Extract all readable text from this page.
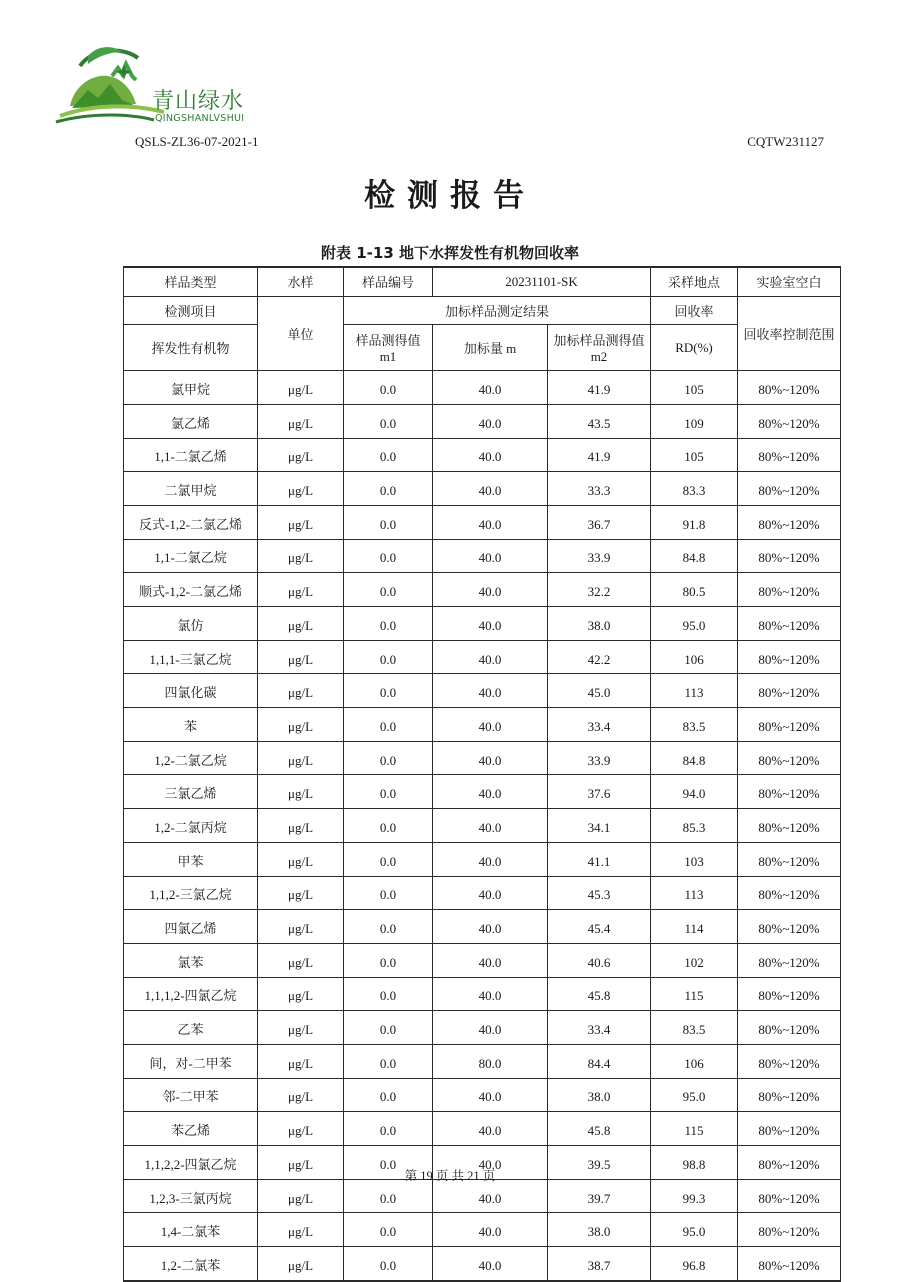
青山绿水
QINGSHANLVSHUI
QSLS-ZL36-07-2021-1	CQTW231127
检测报告
附表 1-13 地下水挥发性有机物回收率
样品类型	水样	样品编号	20231101-SK		采样地点	实验室空白
检测项目	单位	加标样品测定结果			回收率	回收率控制范围
挥发性有机物		样品测得值 m1	加标量 m	加标样品测得值 m2	RD(%)	
氯甲烷	μg/L	0.0	40.0	41.9	105	80%~120%
氯乙烯	μg/L	0.0	40.0	43.5	109	80%~120%
1,1-二氯乙烯	μg/L	0.0	40.0	41.9	105	80%~120%
二氯甲烷	μg/L	0.0	40.0	33.3	83.3	80%~120%
反式-1,2-二氯乙烯	μg/L	0.0	40.0	36.7	91.8	80%~120%
1,1-二氯乙烷	μg/L	0.0	40.0	33.9	84.8	80%~120%
顺式-1,2-二氯乙烯	μg/L	0.0	40.0	32.2	80.5	80%~120%
氯仿	μg/L	0.0	40.0	38.0	95.0	80%~120%
1,1,1-三氯乙烷	μg/L	0.0	40.0	42.2	106	80%~120%
四氯化碳	μg/L	0.0	40.0	45.0	113	80%~120%
苯	μg/L	0.0	40.0	33.4	83.5	80%~120%
1,2-二氯乙烷	μg/L	0.0	40.0	33.9	84.8	80%~120%
三氯乙烯	μg/L	0.0	40.0	37.6	94.0	80%~120%
1,2-二氯丙烷	μg/L	0.0	40.0	34.1	85.3	80%~120%
甲苯	μg/L	0.0	40.0	41.1	103	80%~120%
1,1,2-三氯乙烷	μg/L	0.0	40.0	45.3	113	80%~120%
四氯乙烯	μg/L	0.0	40.0	45.4	114	80%~120%
氯苯	μg/L	0.0	40.0	40.6	102	80%~120%
1,1,1,2-四氯乙烷	μg/L	0.0	40.0	45.8	115	80%~120%
乙苯	μg/L	0.0	40.0	33.4	83.5	80%~120%
间，对-二甲苯	μg/L	0.0	80.0	84.4	106	80%~120%
邻-二甲苯	μg/L	0.0	40.0	38.0	95.0	80%~120%
苯乙烯	μg/L	0.0	40.0	45.8	115	80%~120%
1,1,2,2-四氯乙烷	μg/L	0.0	40.0	39.5	98.8	80%~120%
1,2,3-三氯丙烷	μg/L	0.0	40.0	39.7	99.3	80%~120%
1,4-二氯苯	μg/L	0.0	40.0	38.0	95.0	80%~120%
1,2-二氯苯	μg/L	0.0	40.0	38.7	96.8	80%~120%
第 19 页 共 21 页
